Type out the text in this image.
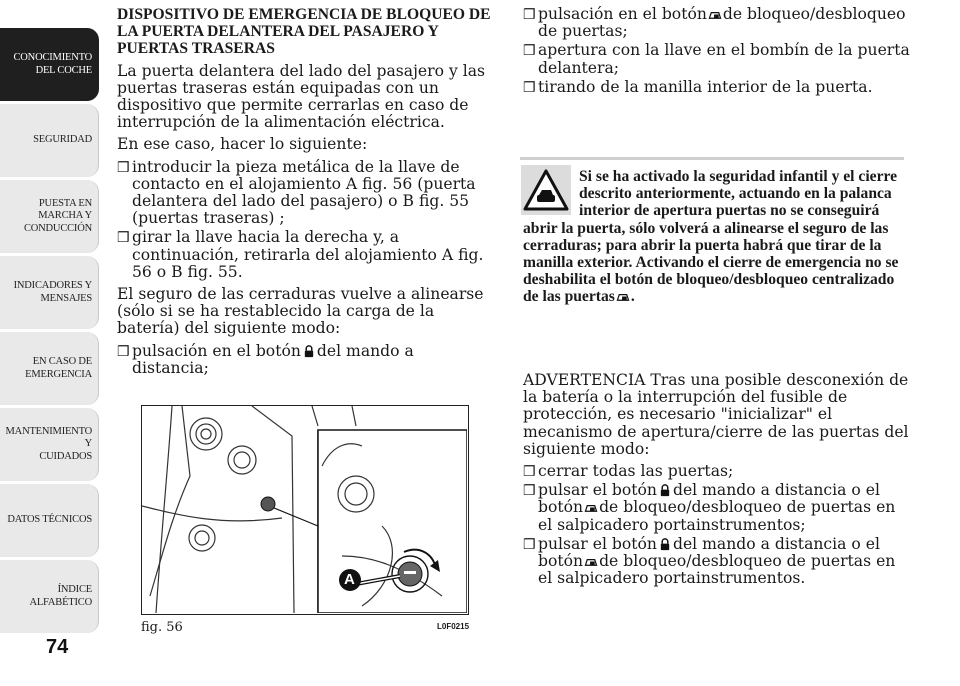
CONOCIMIENTO
DEL COCHE
SEGURIDAD
PUESTA EN
MARCHA Y
CONDUCCIÓN
INDICADORES Y
MENSAJES
EN CASO DE
EMERGENCIA
MANTENIMIENTO Y
CUIDADOS
DATOS TÉCNICOS
ÍNDICE
ALFABÉTICO
74
DISPOSITIVO DE EMERGENCIA DE BLOQUEO DE LA PUERTA DELANTERA DEL PASAJERO Y PUERTAS TRASERAS

La puerta delantera del lado del pasajero y las puertas traseras están equipadas con un dispositivo que permite cerrarlas en caso de interrupción de la alimentación eléctrica.

En ese caso, hacer lo siguiente:

❒ introducir la pieza metálica de la llave de contacto en el alojamiento A fig. 56 (puerta delantera del lado del pasajero) o B fig. 55 (puertas traseras) ;
❒ girar la llave hacia la derecha y, a continuación, retirarla del alojamiento A fig. 56 o B fig. 55.

El seguro de las cerraduras vuelve a alinearse (sólo si se ha restablecido la carga de la batería) del siguiente modo:

❒ pulsación en el botón del mando a distancia;
A
fig. 56	L0F0215
❒ pulsación en el botón de bloqueo/desbloqueo de puertas;
❒ apertura con la llave en el bombín de la puerta delantera;
❒ tirando de la manilla interior de la puerta.
Si se ha activado la seguridad infantil y el cierre descrito anteriormente, actuando en la palanca interior de apertura puertas no se conseguirá abrir la puerta, sólo volverá a alinearse el seguro de las cerraduras; para abrir la puerta habrá que tirar de la manilla exterior. Activando el cierre de emergencia no se deshabilita el botón de bloqueo/desbloqueo centralizado de las puertas .

ADVERTENCIA Tras una posible desconexión de la batería o la interrupción del fusible de protección, es necesario "inicializar" el mecanismo de apertura/cierre de las puertas del siguiente modo:

❒ cerrar todas las puertas;
❒ pulsar el botón del mando a distancia o el botón de bloqueo/desbloqueo de puertas en el salpicadero portainstrumentos;
❒ pulsar el botón del mando a distancia o el botón de bloqueo/desbloqueo de puertas en el salpicadero portainstrumentos.
